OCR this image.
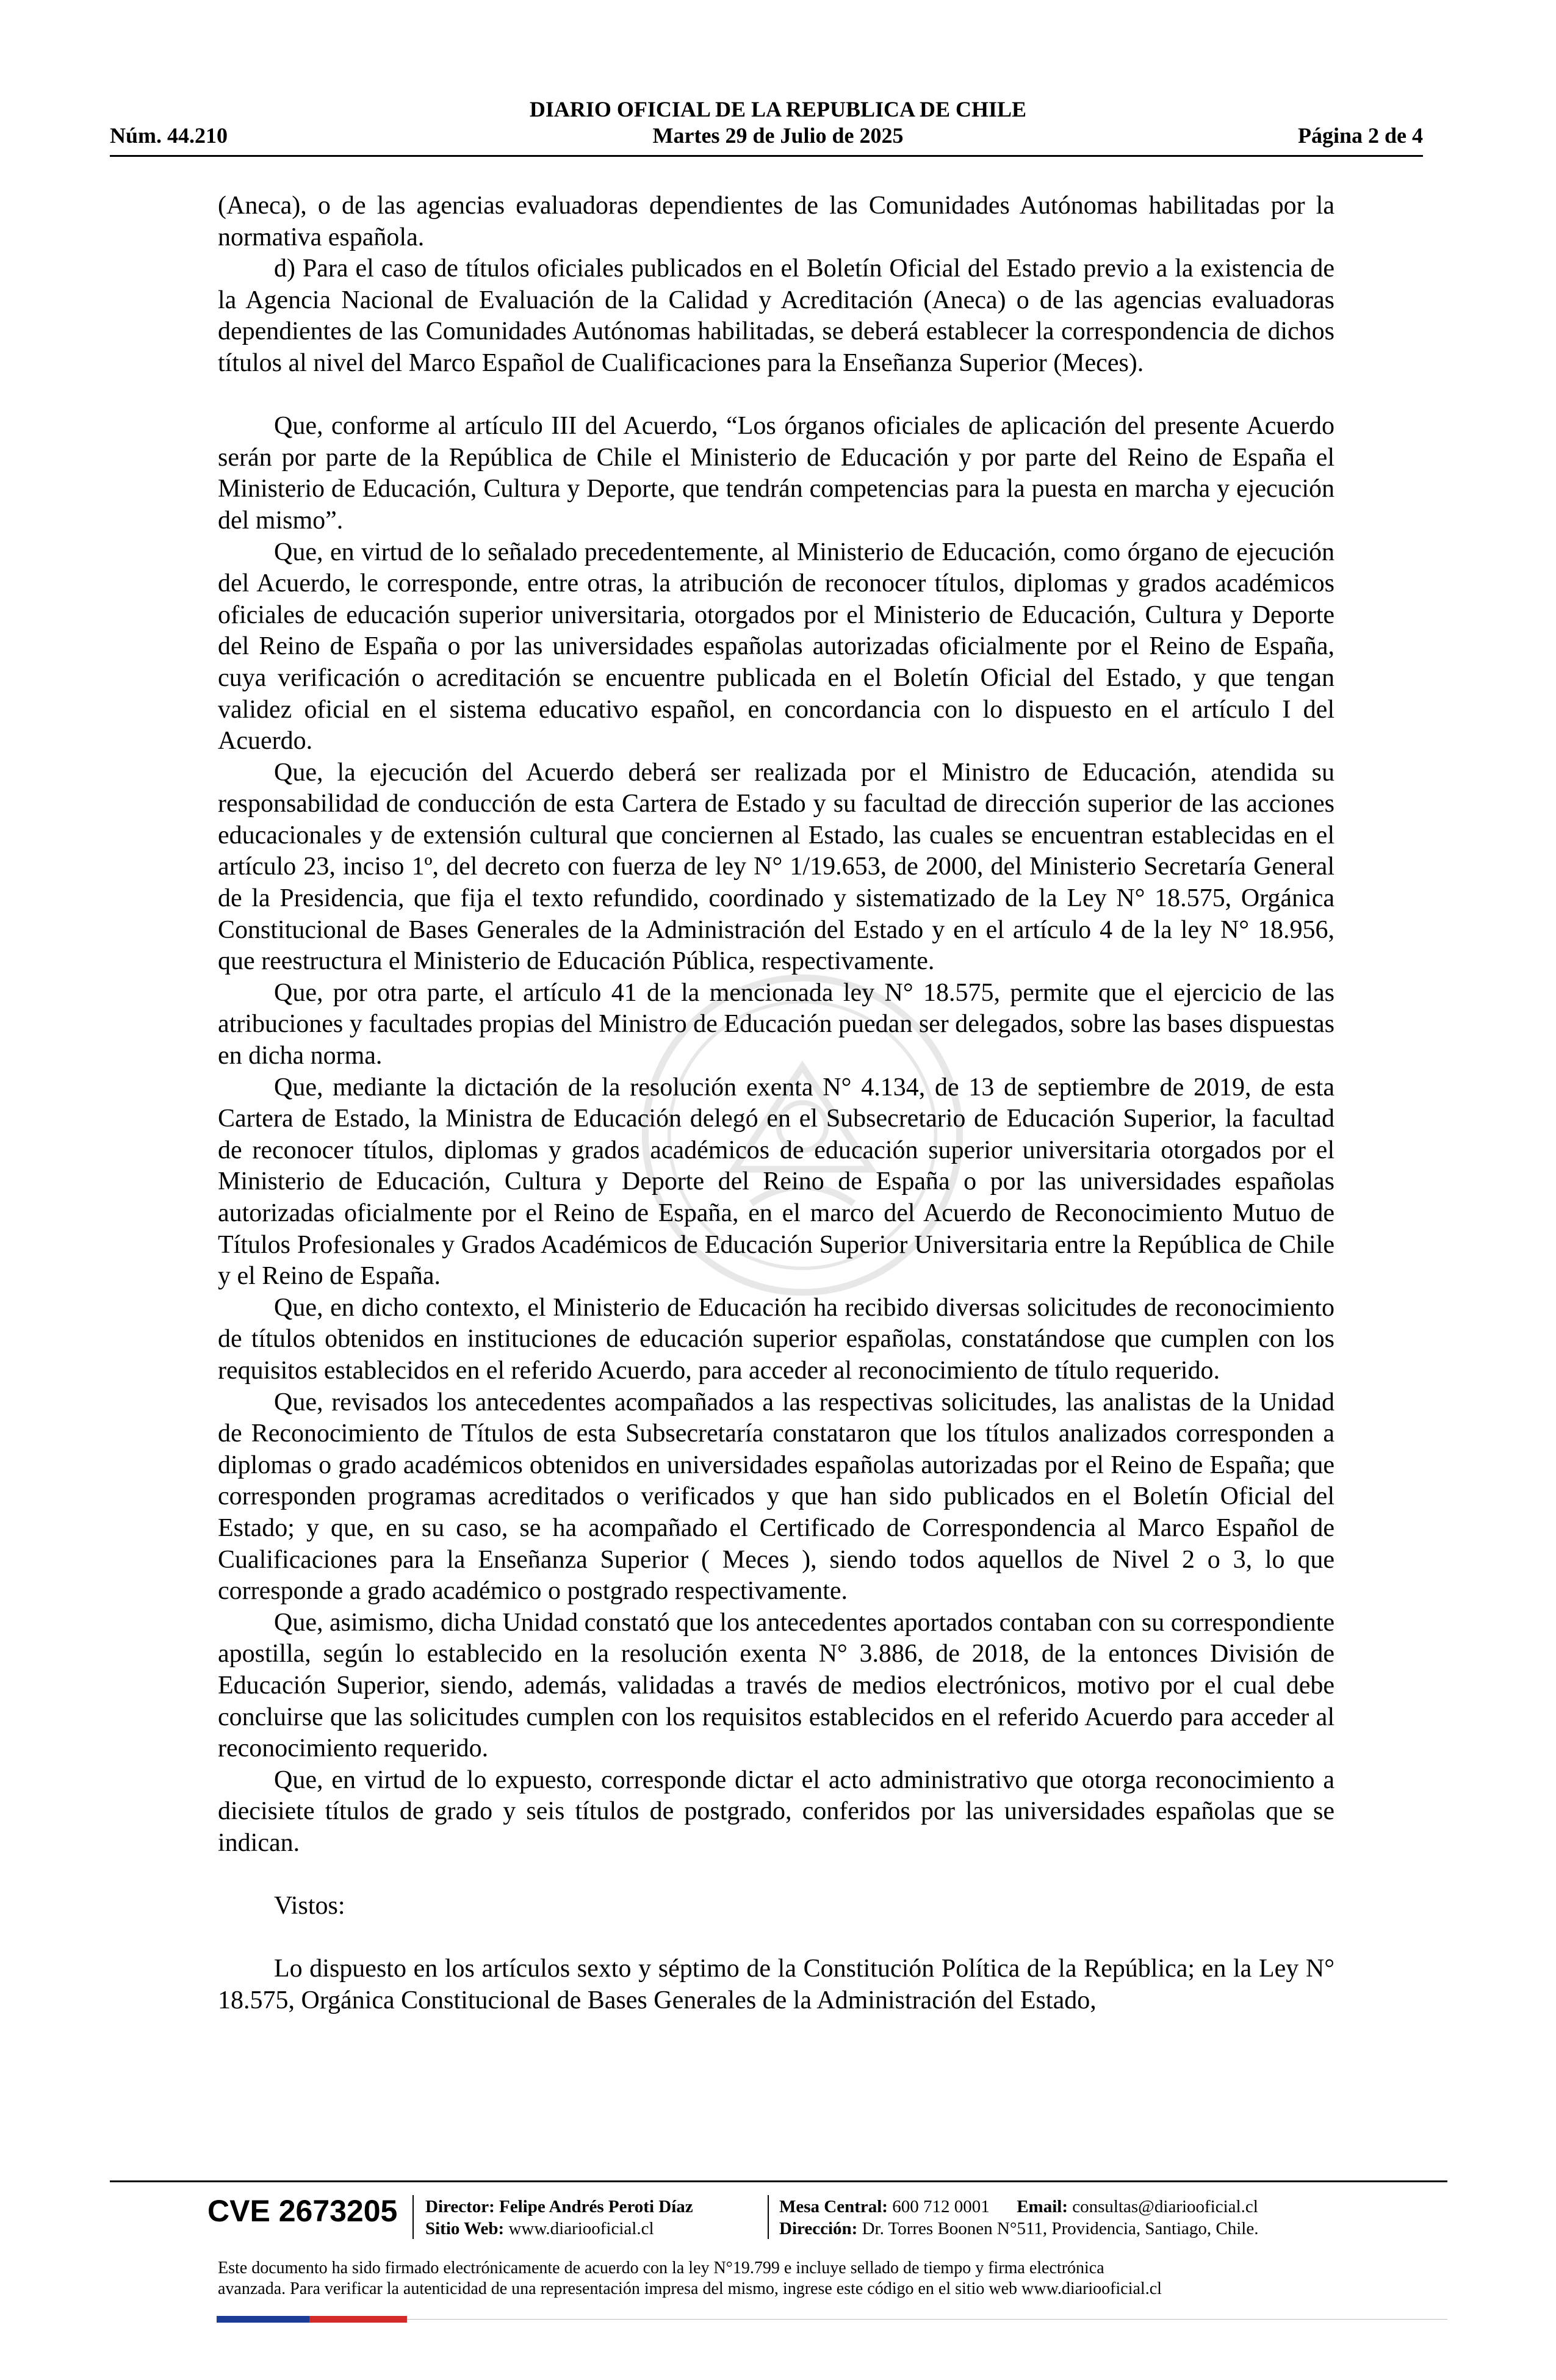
DIARIO OFICIAL DE LA REPUBLICA DE CHILE
Núm. 44.210	Martes 29 de Julio de 2025	Página 2 de 4

(Aneca), o de las agencias evaluadoras dependientes de las Comunidades Autónomas habilitadas por la normativa española.

d) Para el caso de títulos oficiales publicados en el Boletín Oficial del Estado previo a la existencia de la Agencia Nacional de Evaluación de la Calidad y Acreditación (Aneca) o de las agencias evaluadoras dependientes de las Comunidades Autónomas habilitadas, se deberá establecer la correspondencia de dichos títulos al nivel del Marco Español de Cualificaciones para la Enseñanza Superior (Meces).

Que, conforme al artículo III del Acuerdo, “Los órganos oficiales de aplicación del presente Acuerdo serán por parte de la República de Chile el Ministerio de Educación y por parte del Reino de España el Ministerio de Educación, Cultura y Deporte, que tendrán competencias para la puesta en marcha y ejecución del mismo”.

Que, en virtud de lo señalado precedentemente, al Ministerio de Educación, como órgano de ejecución del Acuerdo, le corresponde, entre otras, la atribución de reconocer títulos, diplomas y grados académicos oficiales de educación superior universitaria, otorgados por el Ministerio de Educación, Cultura y Deporte del Reino de España o por las universidades españolas autorizadas oficialmente por el Reino de España, cuya verificación o acreditación se encuentre publicada en el Boletín Oficial del Estado, y que tengan validez oficial en el sistema educativo español, en concordancia con lo dispuesto en el artículo I del Acuerdo.

Que, la ejecución del Acuerdo deberá ser realizada por el Ministro de Educación, atendida su responsabilidad de conducción de esta Cartera de Estado y su facultad de dirección superior de las acciones educacionales y de extensión cultural que conciernen al Estado, las cuales se encuentran establecidas en el artículo 23, inciso 1º, del decreto con fuerza de ley N° 1/19.653, de 2000, del Ministerio Secretaría General de la Presidencia, que fija el texto refundido, coordinado y sistematizado de la Ley N° 18.575, Orgánica Constitucional de Bases Generales de la Administración del Estado y en el artículo 4 de la ley N° 18.956, que reestructura el Ministerio de Educación Pública, respectivamente.

Que, por otra parte, el artículo 41 de la mencionada ley N° 18.575, permite que el ejercicio de las atribuciones y facultades propias del Ministro de Educación puedan ser delegados, sobre las bases dispuestas en dicha norma.

Que, mediante la dictación de la resolución exenta N° 4.134, de 13 de septiembre de 2019, de esta Cartera de Estado, la Ministra de Educación delegó en el Subsecretario de Educación Superior, la facultad de reconocer títulos, diplomas y grados académicos de educación superior universitaria otorgados por el Ministerio de Educación, Cultura y Deporte del Reino de España o por las universidades españolas autorizadas oficialmente por el Reino de España, en el marco del Acuerdo de Reconocimiento Mutuo de Títulos Profesionales y Grados Académicos de Educación Superior Universitaria entre la República de Chile y el Reino de España.

Que, en dicho contexto, el Ministerio de Educación ha recibido diversas solicitudes de reconocimiento de títulos obtenidos en instituciones de educación superior españolas, constatándose que cumplen con los requisitos establecidos en el referido Acuerdo, para acceder al reconocimiento de título requerido.

Que, revisados los antecedentes acompañados a las respectivas solicitudes, las analistas de la Unidad de Reconocimiento de Títulos de esta Subsecretaría constataron que los títulos analizados corresponden a diplomas o grado académicos obtenidos en universidades españolas autorizadas por el Reino de España; que corresponden programas acreditados o verificados y que han sido publicados en el Boletín Oficial del Estado; y que, en su caso, se ha acompañado el Certificado de Correspondencia al Marco Español de Cualificaciones para la Enseñanza Superior ( Meces ), siendo todos aquellos de Nivel 2 o 3, lo que corresponde a grado académico o postgrado respectivamente.

Que, asimismo, dicha Unidad constató que los antecedentes aportados contaban con su correspondiente apostilla, según lo establecido en la resolución exenta N° 3.886, de 2018, de la entonces División de Educación Superior, siendo, además, validadas a través de medios electrónicos, motivo por el cual debe concluirse que las solicitudes cumplen con los requisitos establecidos en el referido Acuerdo para acceder al reconocimiento requerido.

Que, en virtud de lo expuesto, corresponde dictar el acto administrativo que otorga reconocimiento a diecisiete títulos de grado y seis títulos de postgrado, conferidos por las universidades españolas que se indican.

Vistos:

Lo dispuesto en los artículos sexto y séptimo de la Constitución Política de la República; en la Ley N° 18.575, Orgánica Constitucional de Bases Generales de la Administración del Estado,

CVE 2673205 Director: Felipe Andrés Peroti Díaz
Sitio Web: www.diariooficial.cl
Mesa Central: 600 712 0001 Email: consultas@diariooficial.cl
Dirección: Dr. Torres Boonen N°511, Providencia, Santiago, Chile.
Este documento ha sido firmado electrónicamente de acuerdo con la ley N°19.799 e incluye sellado de tiempo y firma electrónica
avanzada. Para verificar la autenticidad de una representación impresa del mismo, ingrese este código en el sitio web www.diariooficial.cl
